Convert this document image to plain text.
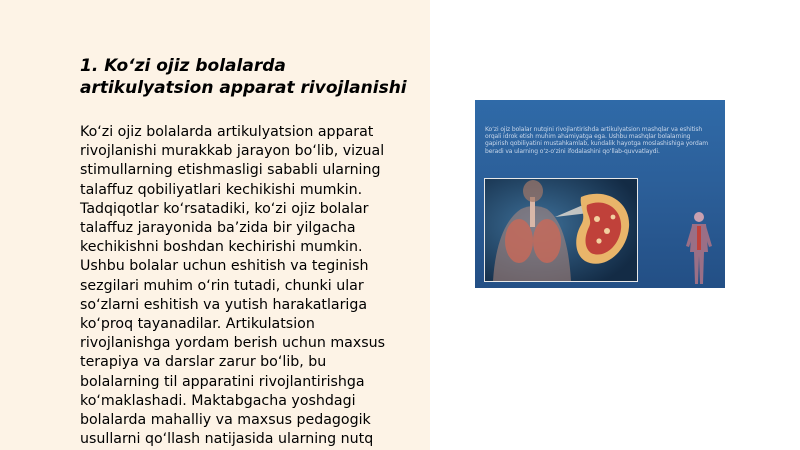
1. Ko‘zi ojiz bolalarda artikulyatsion apparat rivojlanishi

Ko‘zi ojiz bolalarda artikulyatsion apparat rivojlanishi murakkab jarayon bo‘lib, vizual stimullarning etishmasligi sababli ularning talaffuz qobiliyatlari kechikishi mumkin. Tadqiqotlar ko‘rsatadiki, ko‘zi ojiz bolalar talaffuz jarayonida ba’zida bir yilgacha kechikishni boshdan kechirishi mumkin. Ushbu bolalar uchun eshitish va teginish sezgilari muhim o‘rin tutadi, chunki ular so‘zlarni eshitish va yutish harakatlariga ko‘proq tayanadilar. Artikulatsion rivojlanishga yordam berish uchun maxsus terapiya va darslar zarur bo‘lib, bu bolalarning til apparatini rivojlantirishga ko‘maklashadi. Maktabgacha yoshdagi bolalarda mahalliy va maxsus pedagogik usullarni qo‘llash natijasida ularning nutq

Ko‘zi ojiz bolalar nutqini rivojlantirishda artikulyatsion mashqlar va eshitish orqali idrok etish muhim ahamiyatga ega. Ushbu mashqlar bolalarning gapirish qobiliyatini mustahkamlab, kundalik hayotga moslashishiga yordam beradi va ularning o‘z-o‘zini ifodalashini qo‘llab-quvvatlaydi.
